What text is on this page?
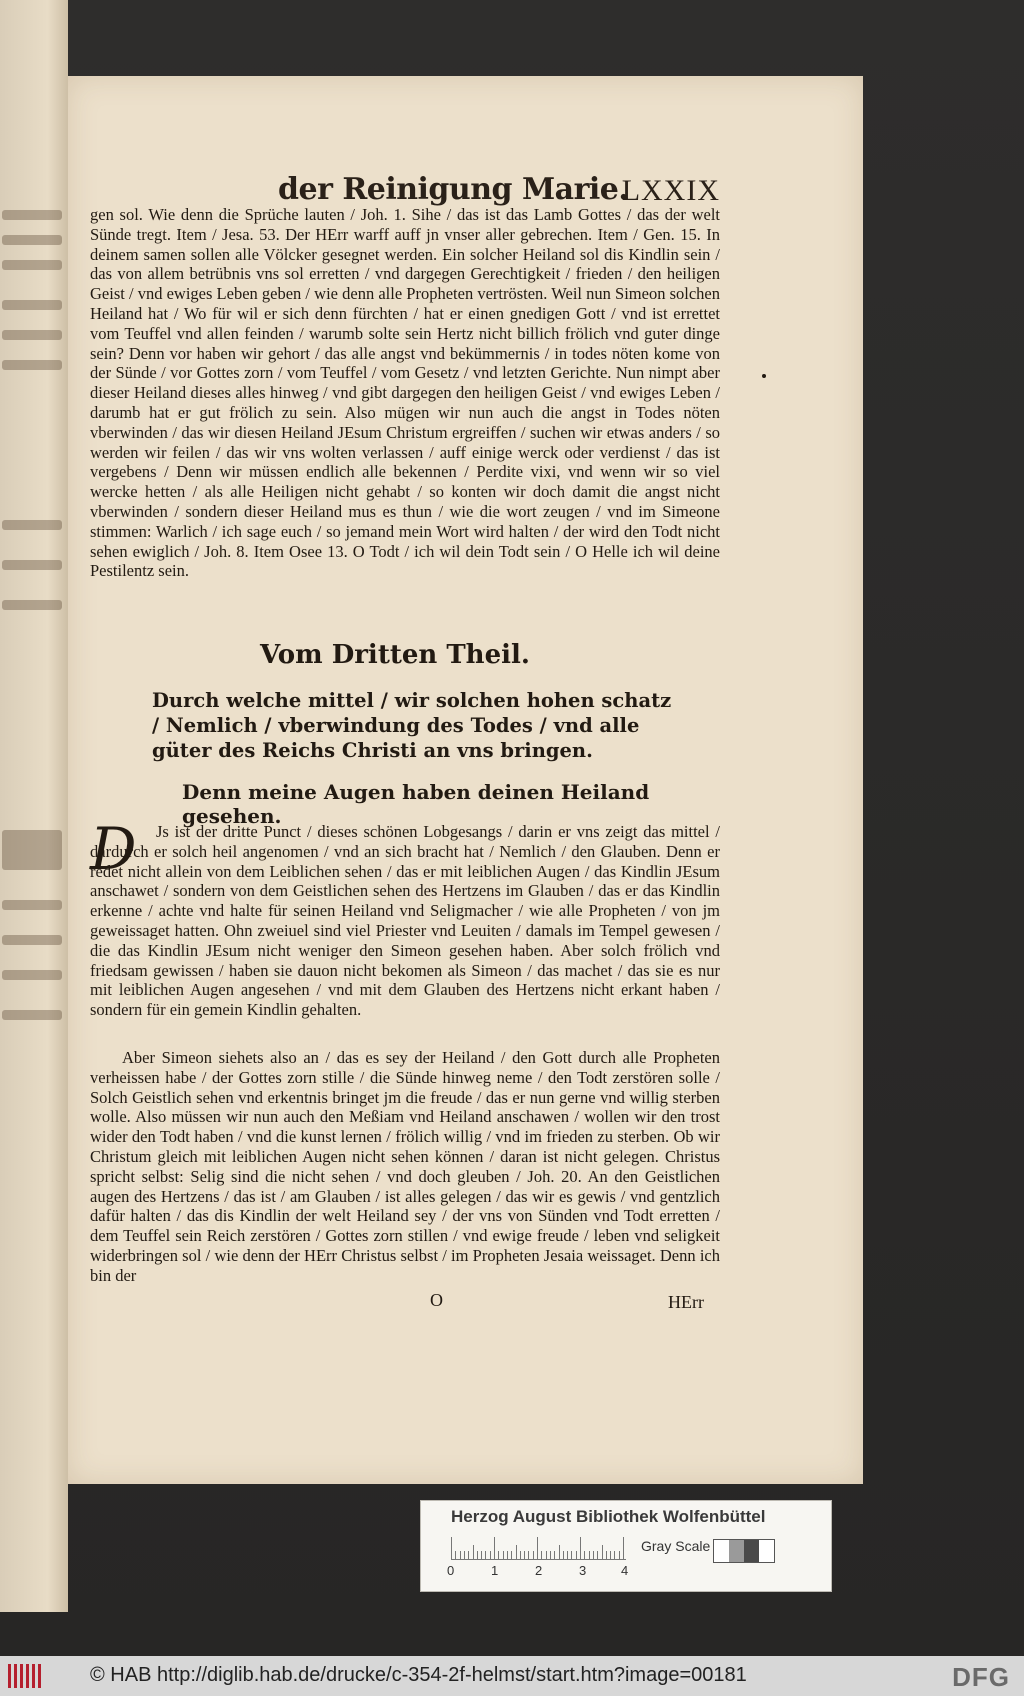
der Reinigung Marie.
LXXIX
gen sol. Wie denn die Sprüche lauten / Joh. 1. Sihe / das ist das Lamb Gottes / das der welt Sünde tregt. Item / Jesa. 53. Der HErr warff auff jn vnser aller gebrechen. Item / Gen. 15. In deinem samen sollen alle Völcker gesegnet werden. Ein solcher Heiland sol dis Kindlin sein / das von allem betrübnis vns sol erretten / vnd dargegen Gerechtigkeit / frieden / den heiligen Geist / vnd ewiges Leben geben / wie denn alle Propheten vertrösten. Weil nun Simeon solchen Heiland hat / Wo für wil er sich denn fürchten / hat er einen gnedigen Gott / vnd ist errettet vom Teuffel vnd allen feinden / warumb solte sein Hertz nicht billich frölich vnd guter dinge sein? Denn vor haben wir gehort / das alle angst vnd bekümmernis / in todes nöten kome von der Sünde / vor Gottes zorn / vom Teuffel / vom Gesetz / vnd letzten Gerichte. Nun nimpt aber dieser Heiland dieses alles hinweg / vnd gibt dargegen den heiligen Geist / vnd ewiges Leben / darumb hat er gut frölich zu sein. Also mügen wir nun auch die angst in Todes nöten vberwinden / das wir diesen Heiland JEsum Christum ergreiffen / suchen wir etwas anders / so werden wir feilen / das wir vns wolten verlassen / auff einige werck oder verdienst / das ist vergebens / Denn wir müssen endlich alle bekennen / Perdite vixi, vnd wenn wir so viel wercke hetten / als alle Heiligen nicht gehabt / so konten wir doch damit die angst nicht vberwinden / sondern dieser Heiland mus es thun / wie die wort zeugen / vnd im Simeone stimmen: Warlich / ich sage euch / so jemand mein Wort wird halten / der wird den Todt nicht sehen ewiglich / Joh. 8. Item Osee 13. O Todt / ich wil dein Todt sein / O Helle ich wil deine Pestilentz sein.
Vom Dritten Theil.
Durch welche mittel / wir solchen hohen schatz / Nemlich / vberwindung des Todes / vnd alle güter des Reichs Christi an vns bringen.
Denn meine Augen haben deinen Heiland gesehen.
D	Js ist der dritte Punct / dieses schönen Lobgesangs / darin er vns zeigt das mittel / dardurch er solch heil angenomen / vnd an sich bracht hat / Nemlich / den Glauben. Denn er redet nicht allein von dem Leiblichen sehen / das er mit leiblichen Augen / das Kindlin JEsum anschawet / sondern von dem Geistlichen sehen des Hertzens im Glauben / das er das Kindlin erkenne / achte vnd halte für seinen Heiland vnd Seligmacher / wie alle Propheten / von jm geweissaget hatten. Ohn zweiuel sind viel Priester vnd Leuiten / damals im Tempel gewesen / die das Kindlin JEsum nicht weniger den Simeon gesehen haben. Aber solch frölich vnd friedsam gewissen / haben sie dauon nicht bekomen als Simeon / das machet / das sie es nur mit leiblichen Augen angesehen / vnd mit dem Glauben des Hertzens nicht erkant haben / sondern für ein gemein Kindlin gehalten.
Aber Simeon siehets also an / das es sey der Heiland / den Gott durch alle Propheten verheissen habe / der Gottes zorn stille / die Sünde hinweg neme / den Todt zerstören solle / Solch Geistlich sehen vnd erkentnis bringet jm die freude / das er nun gerne vnd willig sterben wolle. Also müssen wir nun auch den Meßiam vnd Heiland anschawen / wollen wir den trost wider den Todt haben / vnd die kunst lernen / frölich willig / vnd im frieden zu sterben. Ob wir Christum gleich mit leiblichen Augen nicht sehen können / daran ist nicht gelegen. Christus spricht selbst: Selig sind die nicht sehen / vnd doch gleuben / Joh. 20. An den Geistlichen augen des Hertzens / das ist / am Glauben / ist alles gelegen / das wir es gewis / vnd gentzlich dafür halten / das dis Kindlin der welt Heiland sey / der vns von Sünden vnd Todt erretten / dem Teuffel sein Reich zerstören / Gottes zorn stillen / vnd ewige freude / leben vnd seligkeit widerbringen sol / wie denn der HErr Christus selbst / im Propheten Jesaia weissaget. Denn ich bin der
O	HErr
Herzog August Bibliothek Wolfenbüttel
0	1	2	3	4
Gray Scale
© HAB http://diglib.hab.de/drucke/c-354-2f-helmst/start.htm?image=00181	DFG
